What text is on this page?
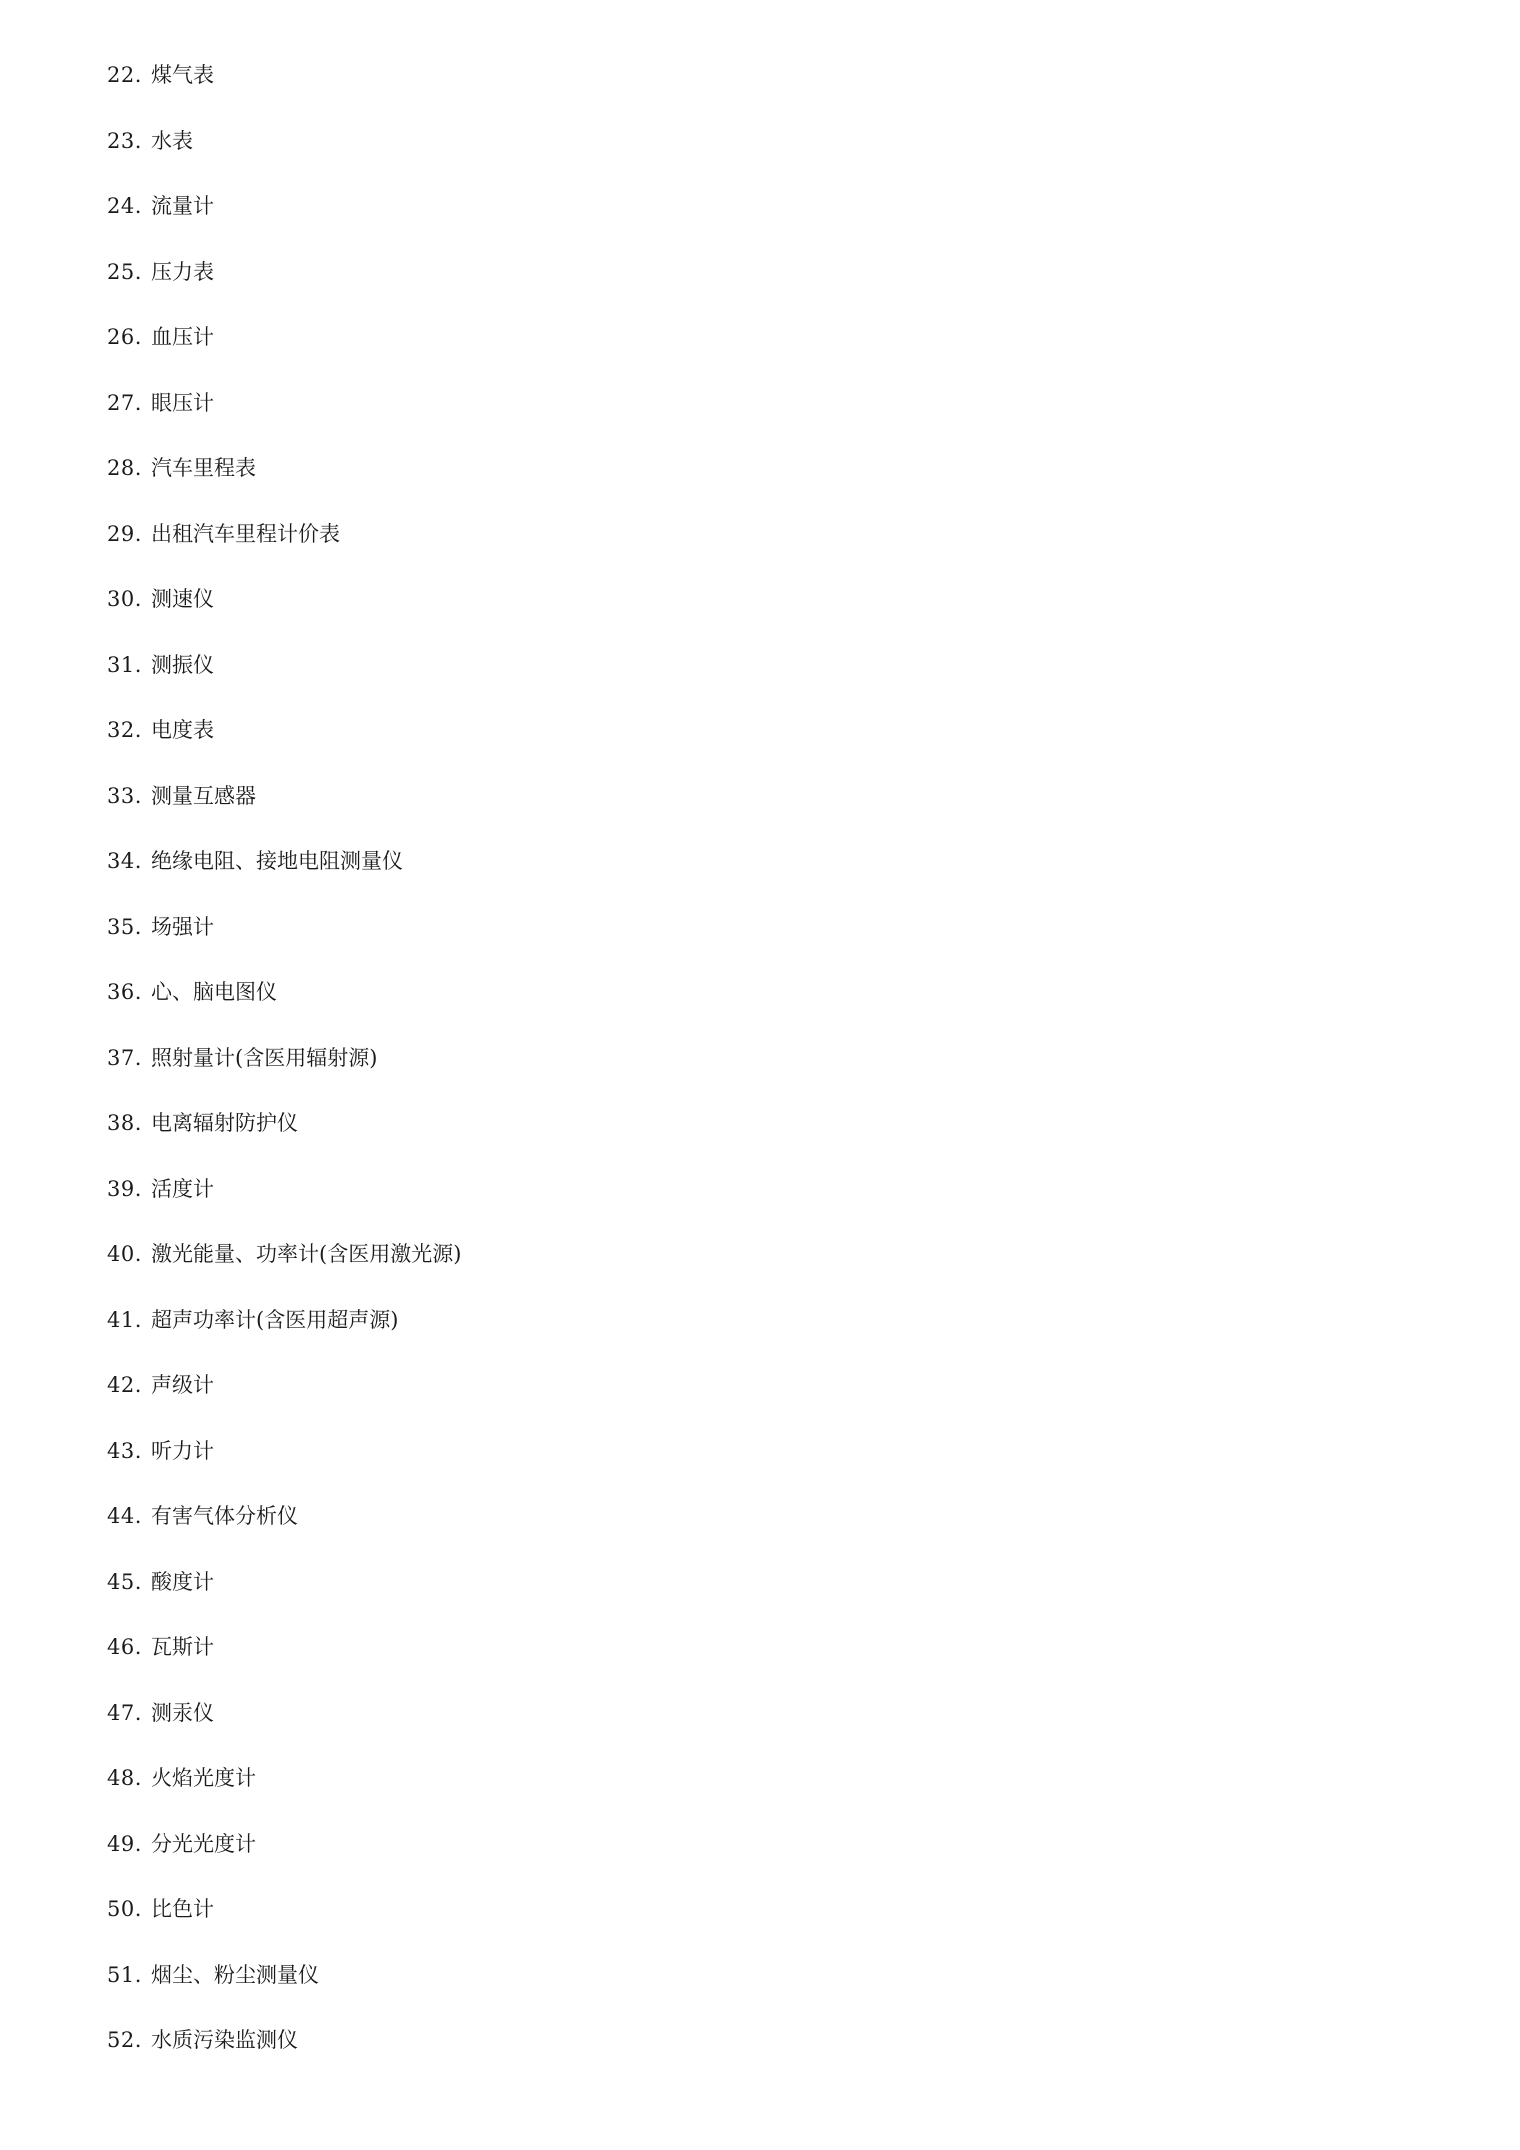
22. 煤气表
23. 水表
24. 流量计
25. 压力表
26. 血压计
27. 眼压计
28. 汽车里程表
29. 出租汽车里程计价表
30. 测速仪
31. 测振仪
32. 电度表
33. 测量互感器
34. 绝缘电阻、接地电阻测量仪
35. 场强计
36. 心、脑电图仪
37. 照射量计(含医用辐射源)
38. 电离辐射防护仪
39. 活度计
40. 激光能量、功率计(含医用激光源)
41. 超声功率计(含医用超声源)
42. 声级计
43. 听力计
44. 有害气体分析仪
45. 酸度计
46. 瓦斯计
47. 测汞仪
48. 火焰光度计
49. 分光光度计
50. 比色计
51. 烟尘、粉尘测量仪
52. 水质污染监测仪
